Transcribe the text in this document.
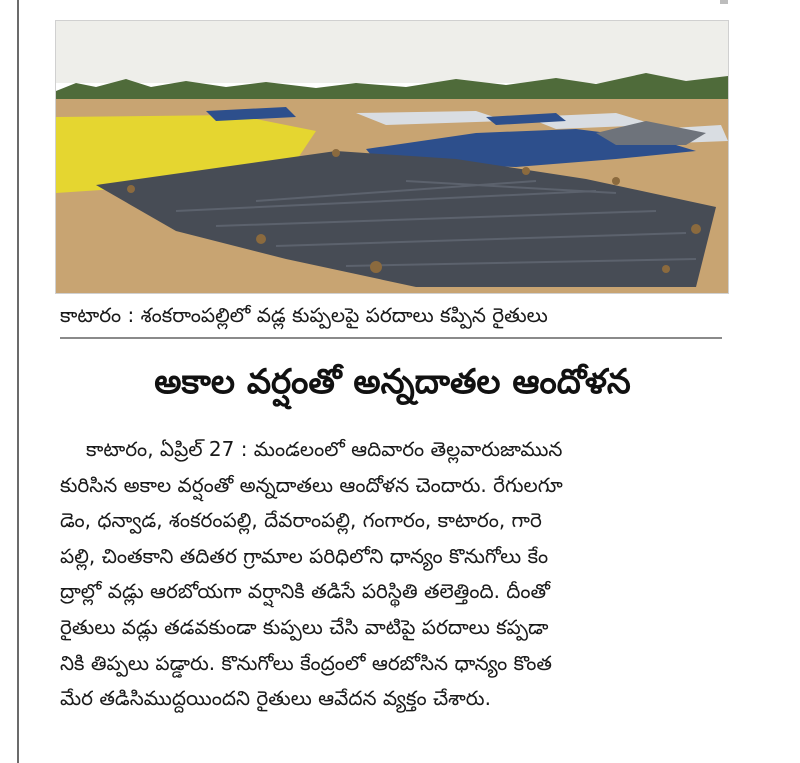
కాటారం : శంకరాంపల్లిలో వడ్ల కుప్పలపై పరదాలు కప్పిన రైతులు
అకాల వర్షంతో అన్నదాతల ఆందోళన
కాటారం, ఏప్రిల్ 27 : మండలంలో ఆదివారం తెల్లవారుజామున
కురిసిన అకాల వర్షంతో అన్నదాతలు ఆందోళన చెందారు. రేగులగూ
డెం, ధన్వాడ, శంకరంపల్లి, దేవరాంపల్లి, గంగారం, కాటారం, గారె
పల్లి, చింతకాని తదితర గ్రామాల పరిధిలోని ధాన్యం కొనుగోలు కేం
ద్రాల్లో వడ్లు ఆరబోయగా వర్షానికి తడిసే పరిస్థితి తలెత్తింది. దీంతో
రైతులు వడ్లు తడవకుండా కుప్పలు చేసి వాటిపై పరదాలు కప్పడా
నికి తిప్పలు పడ్డారు. కొనుగోలు కేంద్రంలో ఆరబోసిన ధాన్యం కొంత
మేర తడిసిముద్దయిందని రైతులు ఆవేదన వ్యక్తం చేశారు.
